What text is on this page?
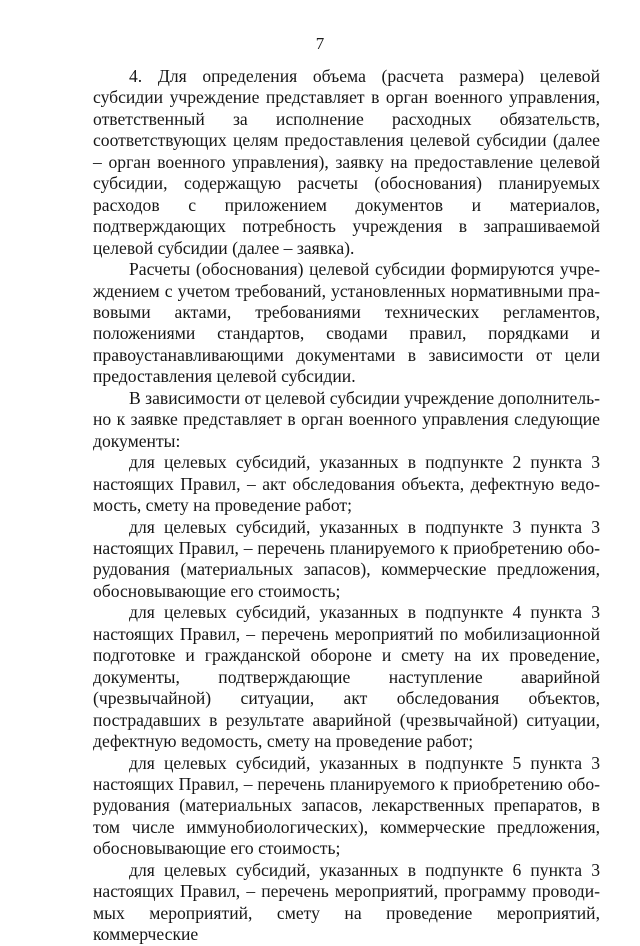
7

4. Для определения объема (расчета размера) целевой субсидии учреждение представляет в орган военного управления, ответственный за исполнение расходных обязательств, соответствующих целям предоставления целевой субсидии (далее – орган военного управления), заявку на предоставление целевой субсидии, содержащую расчеты (обоснования) планируемых расходов с приложением документов и материалов, подтверждающих потребность учреждения в запрашиваемой целевой субсидии (далее – заявка).

Расчеты (обоснования) целевой субсидии формируются учреждением с учетом требований, установленных нормативными правовыми актами, требованиями технических регламентов, положениями стандартов, сводами правил, порядками и правоустанавливающими документами в зависимости от цели предоставления целевой субсидии.

В зависимости от целевой субсидии учреждение дополнительно к заявке представляет в орган военного управления следующие документы:

для целевых субсидий, указанных в подпункте 2 пункта 3 настоящих Правил, – акт обследования объекта, дефектную ведомость, смету на проведение работ;

для целевых субсидий, указанных в подпункте 3 пункта 3 настоящих Правил, – перечень планируемого к приобретению оборудования (материальных запасов), коммерческие предложения, обосновывающие его стоимость;

для целевых субсидий, указанных в подпункте 4 пункта 3 настоящих Правил, – перечень мероприятий по мобилизационной подготовке и гражданской обороне и смету на их проведение, документы, подтверждающие наступление аварийной (чрезвычайной) ситуации, акт обследования объектов, пострадавших в результате аварийной (чрезвычайной) ситуации, дефектную ведомость, смету на проведение работ;

для целевых субсидий, указанных в подпункте 5 пункта 3 настоящих Правил, – перечень планируемого к приобретению оборудования (материальных запасов, лекарственных препаратов, в том числе иммунобиологических), коммерческие предложения, обосновывающие его стоимость;

для целевых субсидий, указанных в подпункте 6 пункта 3 настоящих Правил, – перечень мероприятий, программу проводимых мероприятий, смету на проведение мероприятий, коммерческие
